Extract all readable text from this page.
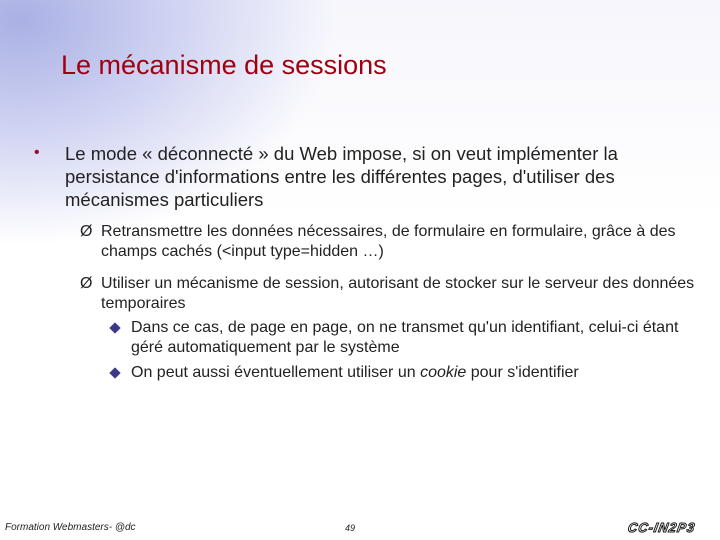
Le mécanisme de sessions
• Le mode « déconnecté » du Web impose, si on veut implémenter la persistance d'informations entre les différentes pages, d'utiliser des mécanismes particuliers
Ø Retransmettre les données nécessaires, de formulaire en formulaire, grâce à des champs cachés (<input type=hidden …)
Ø Utiliser un mécanisme de session, autorisant de stocker sur le serveur des données temporaires
Dans ce cas, de page en page, on ne transmet qu'un identifiant, celui-ci étant géré automatiquement par le système
On peut aussi éventuellement utiliser un cookie pour s'identifier
Formation Webmasters- @dc	49	CC-IN2P3
